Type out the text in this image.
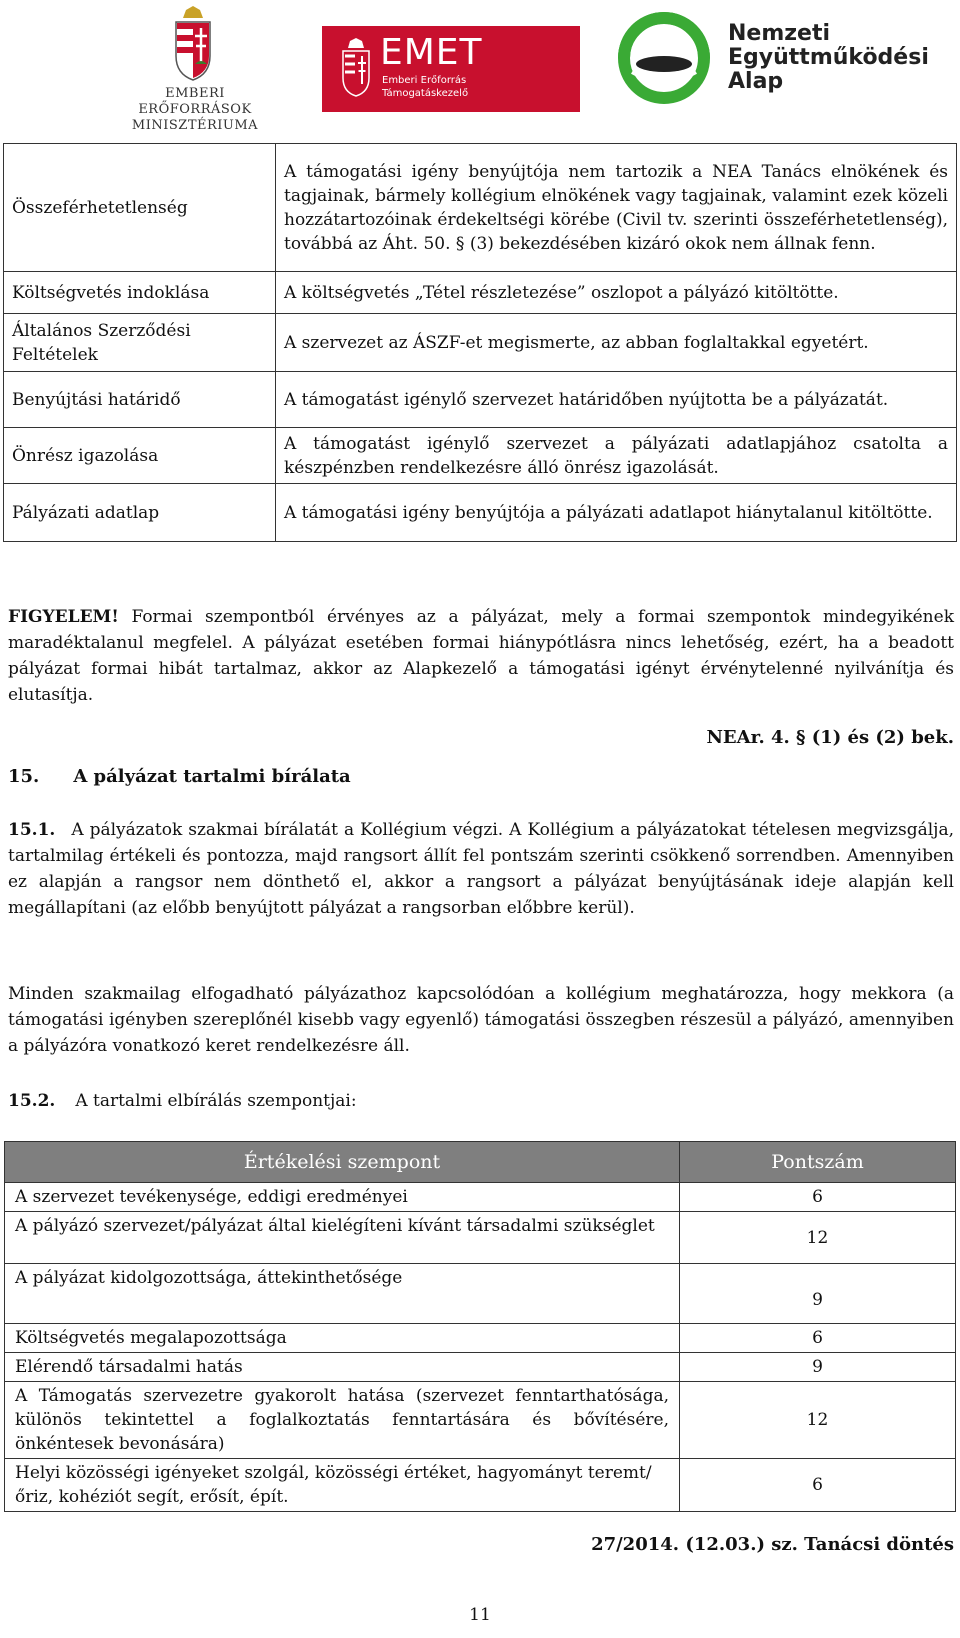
EMBERI ERŐFORRÁSOK
MINISZTÉRIUMA
EMET
Emberi Erőforrás
Támogatáskezelő
Nemzeti
Együttműködési
Alap
Összeférhetetlenség	A támogatási igény benyújtója nem tartozik a NEA Tanács elnökének és tagjainak, bármely kollégium elnökének vagy tagjainak, valamint ezek közeli hozzátartozóinak érdekeltségi körébe (Civil tv. szerinti összeférhetetlenség), továbbá az Áht. 50. § (3) bekezdésében kizáró okok nem állnak fenn.
Költségvetés indoklása	A költségvetés „Tétel részletezése” oszlopot a pályázó kitöltötte.
Általános Szerződési Feltételek	A szervezet az ÁSZF-et megismerte, az abban foglaltakkal egyetért.
Benyújtási határidő	A támogatást igénylő szervezet határidőben nyújtotta be a pályázatát.
Önrész igazolása	A támogatást igénylő szervezet a pályázati adatlapjához csatolta a készpénzben rendelkezésre álló önrész igazolását.
Pályázati adatlap	A támogatási igény benyújtója a pályázati adatlapot hiánytalanul kitöltötte.
FIGYELEM! Formai szempontból érvényes az a pályázat, mely a formai szempontok mindegyikének maradéktalanul megfelel. A pályázat esetében formai hiánypótlásra nincs lehetőség, ezért, ha a beadott pályázat formai hibát tartalmaz, akkor az Alapkezelő a támogatási igényt érvénytelenné nyilvánítja és elutasítja.
NEAr. 4. § (1) és (2) bek.
15. A pályázat tartalmi bírálata
15.1. A pályázatok szakmai bírálatát a Kollégium végzi. A Kollégium a pályázatokat tételesen megvizsgálja, tartalmilag értékeli és pontozza, majd rangsort állít fel pontszám szerinti csökkenő sorrendben. Amennyiben ez alapján a rangsor nem dönthető el, akkor a rangsort a pályázat benyújtásának ideje alapján kell megállapítani (az előbb benyújtott pályázat a rangsorban előbbre kerül).
Minden szakmailag elfogadható pályázathoz kapcsolódóan a kollégium meghatározza, hogy mekkora (a támogatási igényben szereplőnél kisebb vagy egyenlő) támogatási összegben részesül a pályázó, amennyiben a pályázóra vonatkozó keret rendelkezésre áll.
15.2. A tartalmi elbírálás szempontjai:
Értékelési szempont	Pontszám
A szervezet tevékenysége, eddigi eredményei	6
A pályázó szervezet/pályázat által kielégíteni kívánt társadalmi szükséglet	12
A pályázat kidolgozottsága, áttekinthetősége	9
Költségvetés megalapozottsága	6
Elérendő társadalmi hatás	9
A Támogatás szervezetre gyakorolt hatása (szervezet fenntarthatósága, különös tekintettel a foglalkoztatás fenntartására és bővítésére, önkéntesek bevonására)	12
Helyi közösségi igényeket szolgál, közösségi értéket, hagyományt teremt/őriz, kohéziót segít, erősít, épít.	6
27/2014. (12.03.) sz. Tanácsi döntés
11
